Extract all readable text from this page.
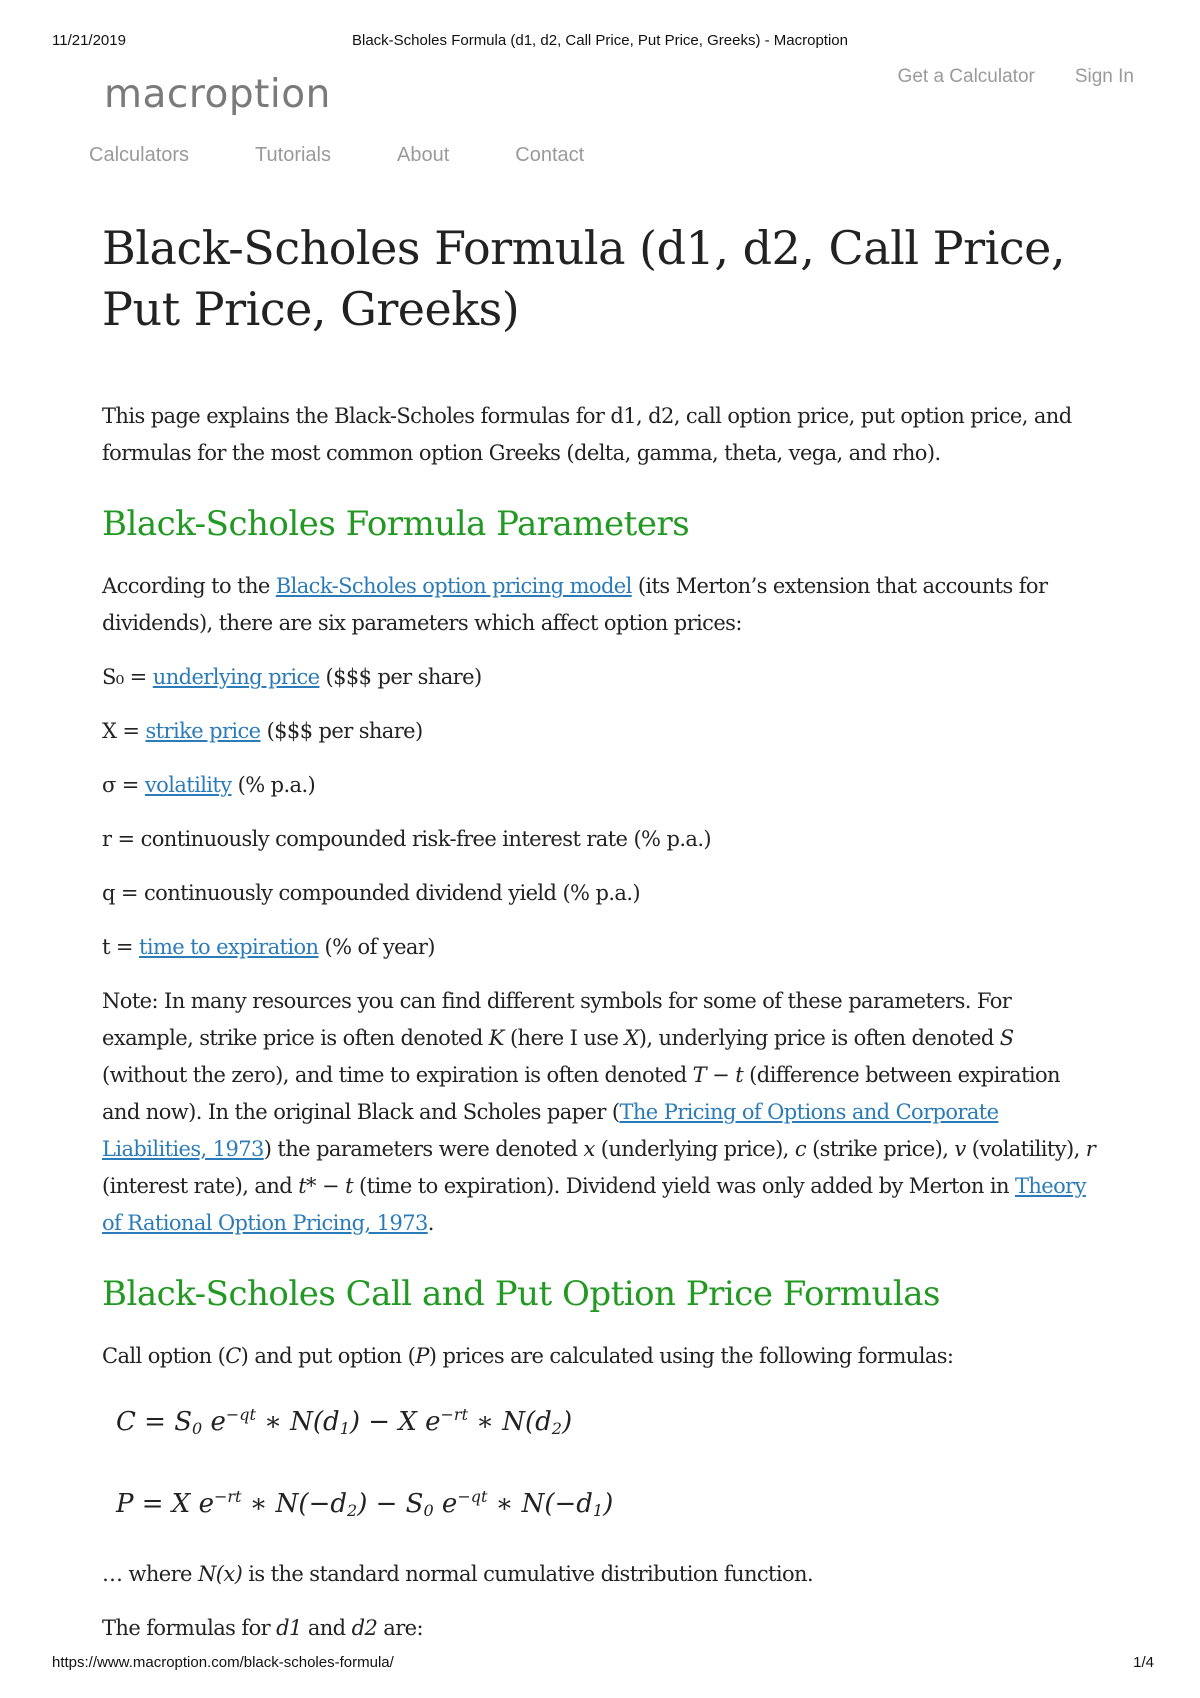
Black-Scholes Formula (d1, d2, Call Price, Put Price, Greeks) - Macroption
11/21/2019
macroption	Get a Calculator Sign In
Calculators	Tutorials	About	Contact
Black-Scholes Formula (d1, d2, Call Price, Put Price, Greeks)

This page explains the Black-Scholes formulas for d1, d2, call option price, put option price, and formulas for the most common option Greeks (delta, gamma, theta, vega, and rho).

Black-Scholes Formula Parameters

According to the Black-Scholes option pricing model (its Merton’s extension that accounts for dividends), there are six parameters which affect option prices:

S₀ = underlying price ($$$ per share)

X = strike price ($$$ per share)

σ = volatility (% p.a.)

r = continuously compounded risk-free interest rate (% p.a.)

q = continuously compounded dividend yield (% p.a.)

t = time to expiration (% of year)

Note: In many resources you can find different symbols for some of these parameters. For example, strike price is often denoted K (here I use X), underlying price is often denoted S (without the zero), and time to expiration is often denoted T − t (difference between expiration and now). In the original Black and Scholes paper (The Pricing of Options and Corporate Liabilities, 1973) the parameters were denoted x (underlying price), c (strike price), v (volatility), r (interest rate), and t* − t (time to expiration). Dividend yield was only added by Merton in Theory of Rational Option Pricing, 1973.

Black-Scholes Call and Put Option Price Formulas

Call option (C) and put option (P) prices are calculated using the following formulas:

$C = S_0$ $e^{-qt}$ ∗ $N(d_1) - X$ $e^{-rt}$ ∗ $N(d_2)$
P = X $e^{-rt}$ ∗ $N(-d_2) - S_0$ $e^{-qt}$ ∗ $N(-d_1)$

… where N(x) is the standard normal cumulative distribution function.

The formulas for d1 and d2 are:

https://www.macroption.com/black-scholes-formula/	1/4
